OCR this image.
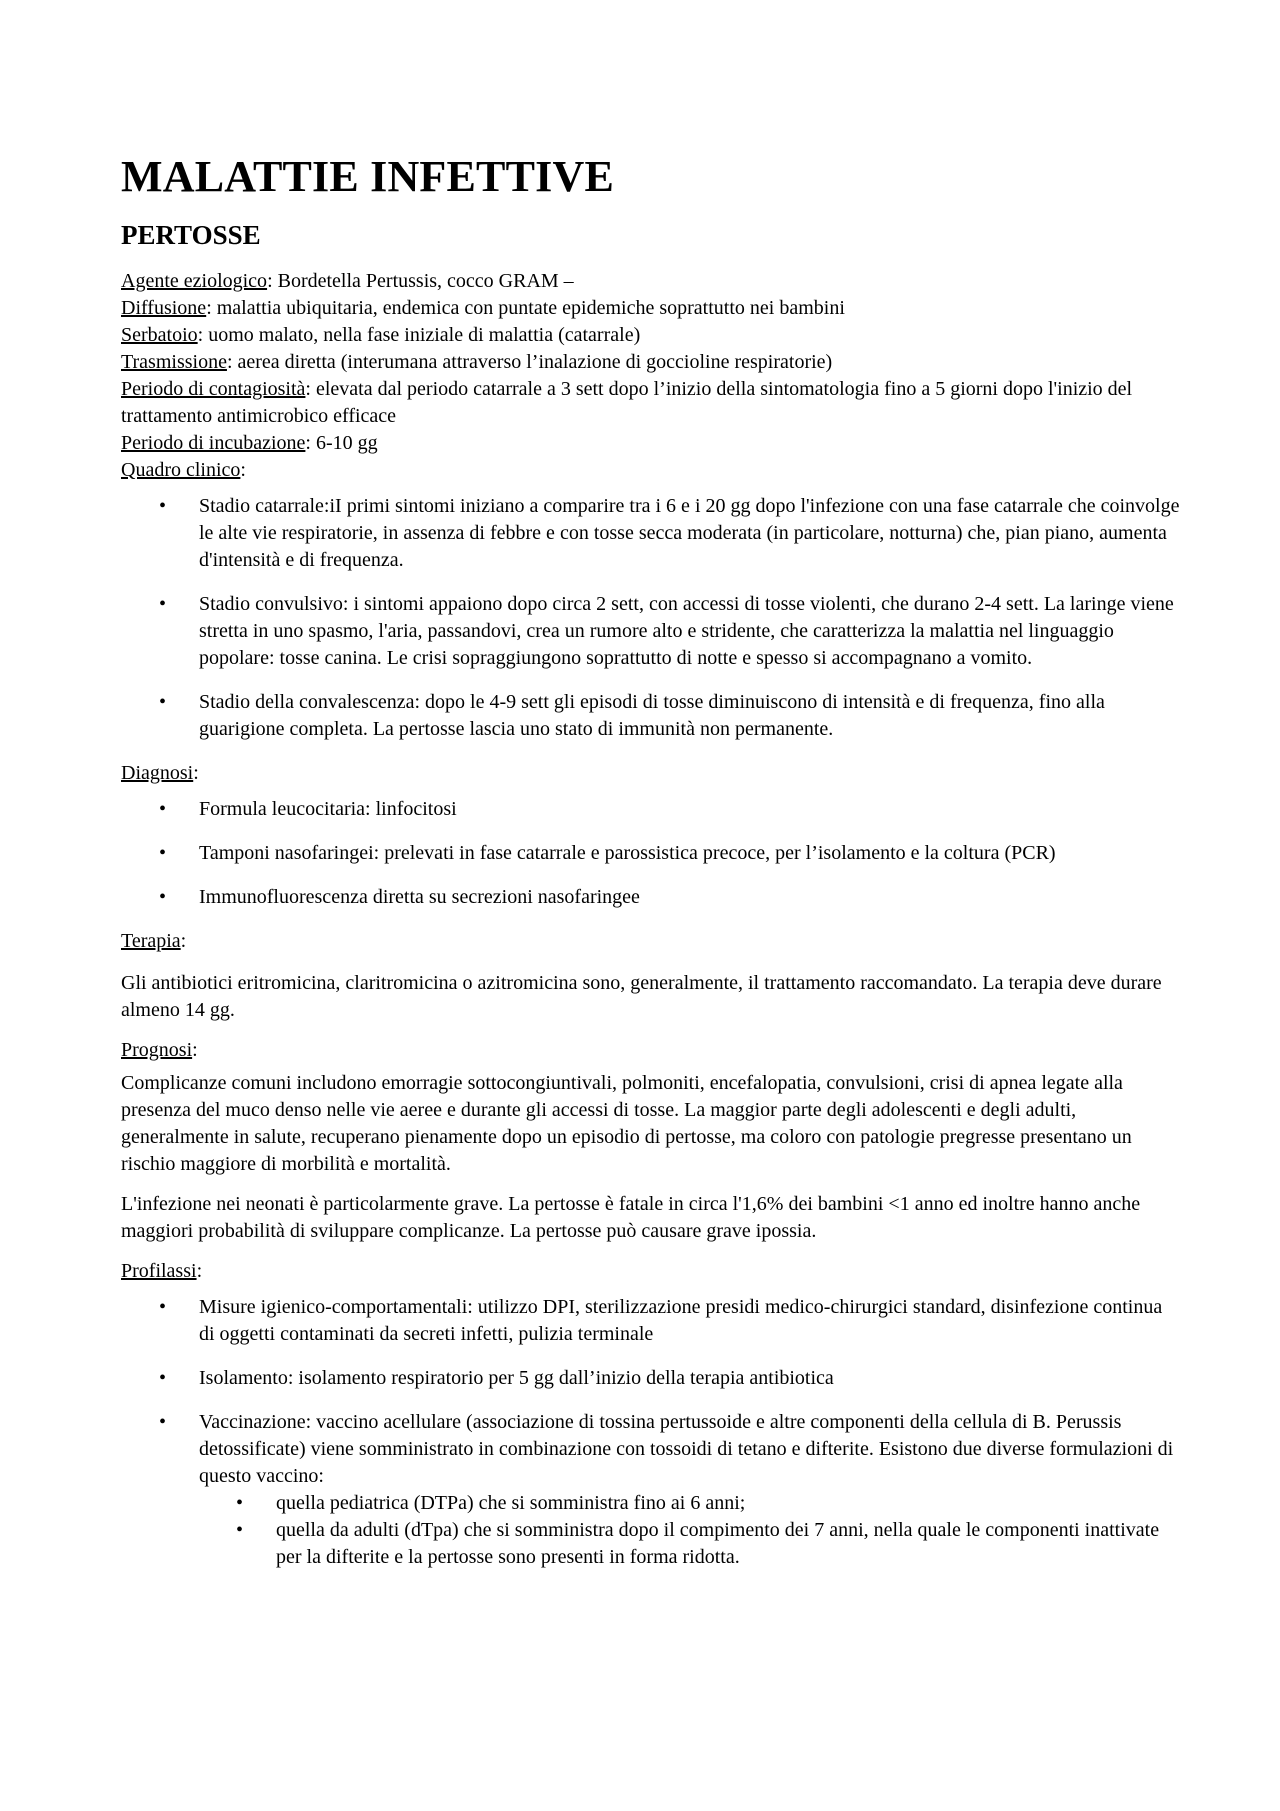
MALATTIE INFETTIVE
PERTOSSE

Agente eziologico: Bordetella Pertussis, cocco GRAM –

Diffusione: malattia ubiquitaria, endemica con puntate epidemiche soprattutto nei bambini

Serbatoio: uomo malato, nella fase iniziale di malattia (catarrale)

Trasmissione: aerea diretta (interumana attraverso l’inalazione di goccioline respiratorie)

Periodo di contagiosità: elevata dal periodo catarrale a 3 sett dopo l’inizio della sintomatologia fino a 5 giorni dopo l'inizio del trattamento antimicrobico efficace

Periodo di incubazione: 6-10 gg

Quadro clinico:

• Stadio catarrale:iI primi sintomi iniziano a comparire tra i 6 e i 20 gg dopo l'infezione con una fase catarrale che coinvolge le alte vie respiratorie, in assenza di febbre e con tosse secca moderata (in particolare, notturna) che, pian piano, aumenta d'intensità e di frequenza.
• Stadio convulsivo: i sintomi appaiono dopo circa 2 sett, con accessi di tosse violenti, che durano 2-4 sett. La laringe viene stretta in uno spasmo, l'aria, passandovi, crea un rumore alto e stridente, che caratterizza la malattia nel linguaggio popolare: tosse canina. Le crisi sopraggiungono soprattutto di notte e spesso si accompagnano a vomito.
• Stadio della convalescenza: dopo le 4-9 sett gli episodi di tosse diminuiscono di intensità e di frequenza, fino alla guarigione completa. La pertosse lascia uno stato di immunità non permanente.

Diagnosi:

• Formula leucocitaria: linfocitosi
• Tamponi nasofaringei: prelevati in fase catarrale e parossistica precoce, per l’isolamento e la coltura (PCR)
• Immunofluorescenza diretta su secrezioni nasofaringee

Terapia:

Gli antibiotici eritromicina, claritromicina o azitromicina sono, generalmente, il trattamento raccomandato. La terapia deve durare almeno 14 gg.

Prognosi:

Complicanze comuni includono emorragie sottocongiuntivali, polmoniti, encefalopatia, convulsioni, crisi di apnea legate alla presenza del muco denso nelle vie aeree e durante gli accessi di tosse. La maggior parte degli adolescenti e degli adulti, generalmente in salute, recuperano pienamente dopo un episodio di pertosse, ma coloro con patologie pregresse presentano un rischio maggiore di morbilità e mortalità.

L'infezione nei neonati è particolarmente grave. La pertosse è fatale in circa l'1,6% dei bambini <1 anno ed inoltre hanno anche maggiori probabilità di sviluppare complicanze. La pertosse può causare grave ipossia.

Profilassi:

• Misure igienico-comportamentali: utilizzo DPI, sterilizzazione presidi medico-chirurgici standard, disinfezione continua di oggetti contaminati da secreti infetti, pulizia terminale
• Isolamento: isolamento respiratorio per 5 gg dall’inizio della terapia antibiotica
• Vaccinazione: vaccino acellulare (associazione di tossina pertussoide e altre componenti della cellula di B. Perussis detossificate) viene somministrato in combinazione con tossoidi di tetano e difterite. Esistono due diverse formulazioni di questo vaccino:
• quella pediatrica (DTPa) che si somministra fino ai 6 anni;
• quella da adulti (dTpa) che si somministra dopo il compimento dei 7 anni, nella quale le componenti inattivate per la difterite e la pertosse sono presenti in forma ridotta.
